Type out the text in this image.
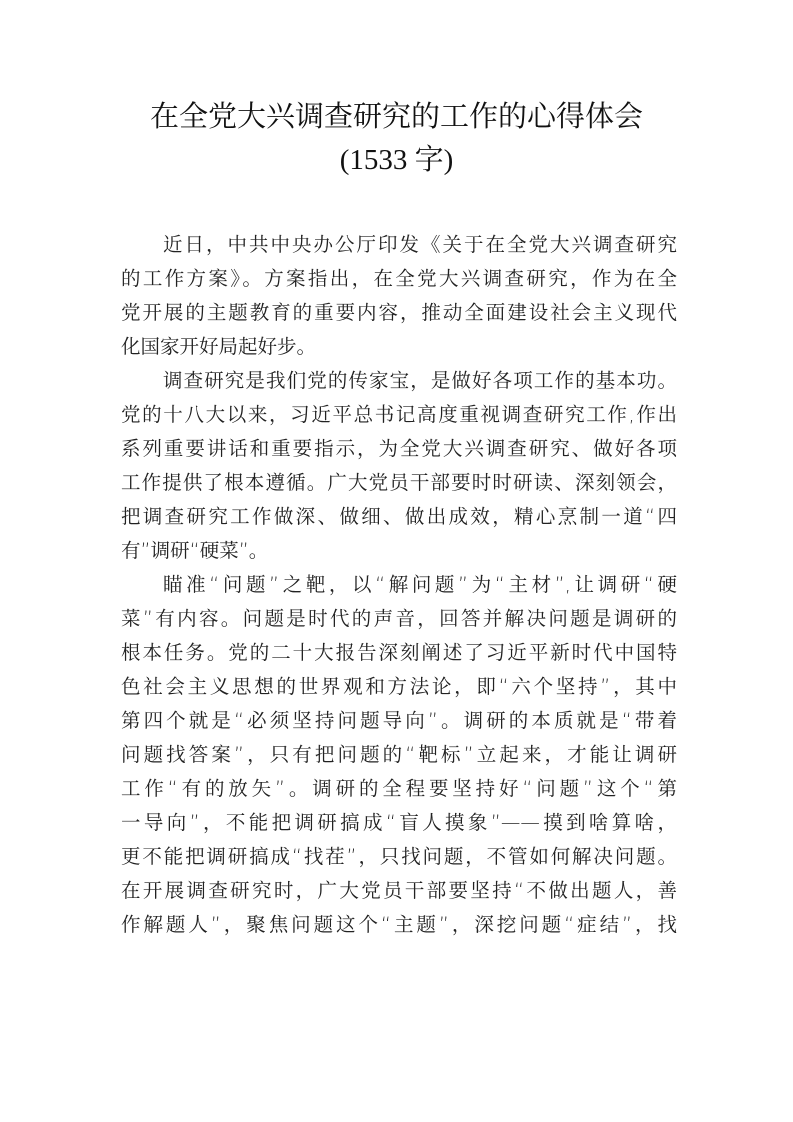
在全党大兴调查研究的工作的心得体会
(1533 字)
近日，中共中央办公厅印发《关于在全党大兴调查研究
的工作方案》。方案指出，在全党大兴调查研究，作为在全
党开展的主题教育的重要内容，推动全面建设社会主义现代
化国家开好局起好步。
调查研究是我们党的传家宝，是做好各项工作的基本功。
党的十八大以来，习近平总书记高度重视调查研究工作,作出
系列重要讲话和重要指示，为全党大兴调查研究、做好各项
工作提供了根本遵循。广大党员干部要时时研读、深刻领会，
把调查研究工作做深、做细、做出成效，精心烹制一道“四
有”调研“硬菜”。
瞄准“问题”之靶，以“解问题”为“主材”,让调研“硬
菜”有内容。问题是时代的声音，回答并解决问题是调研的
根本任务。党的二十大报告深刻阐述了习近平新时代中国特
色社会主义思想的世界观和方法论，即“六个坚持”，其中
第四个就是“必须坚持问题导向”。调研的本质就是“带着
问题找答案”，只有把问题的“靶标”立起来，才能让调研
工作“有的放矢”。调研的全程要坚持好“问题”这个“第
一导向”，不能把调研搞成“盲人摸象”——摸到啥算啥，
更不能把调研搞成“找茬”，只找问题，不管如何解决问题。
在开展调查研究时，广大党员干部要坚持“不做出题人，善
作解题人”，聚焦问题这个“主题”，深挖问题“症结”，找
